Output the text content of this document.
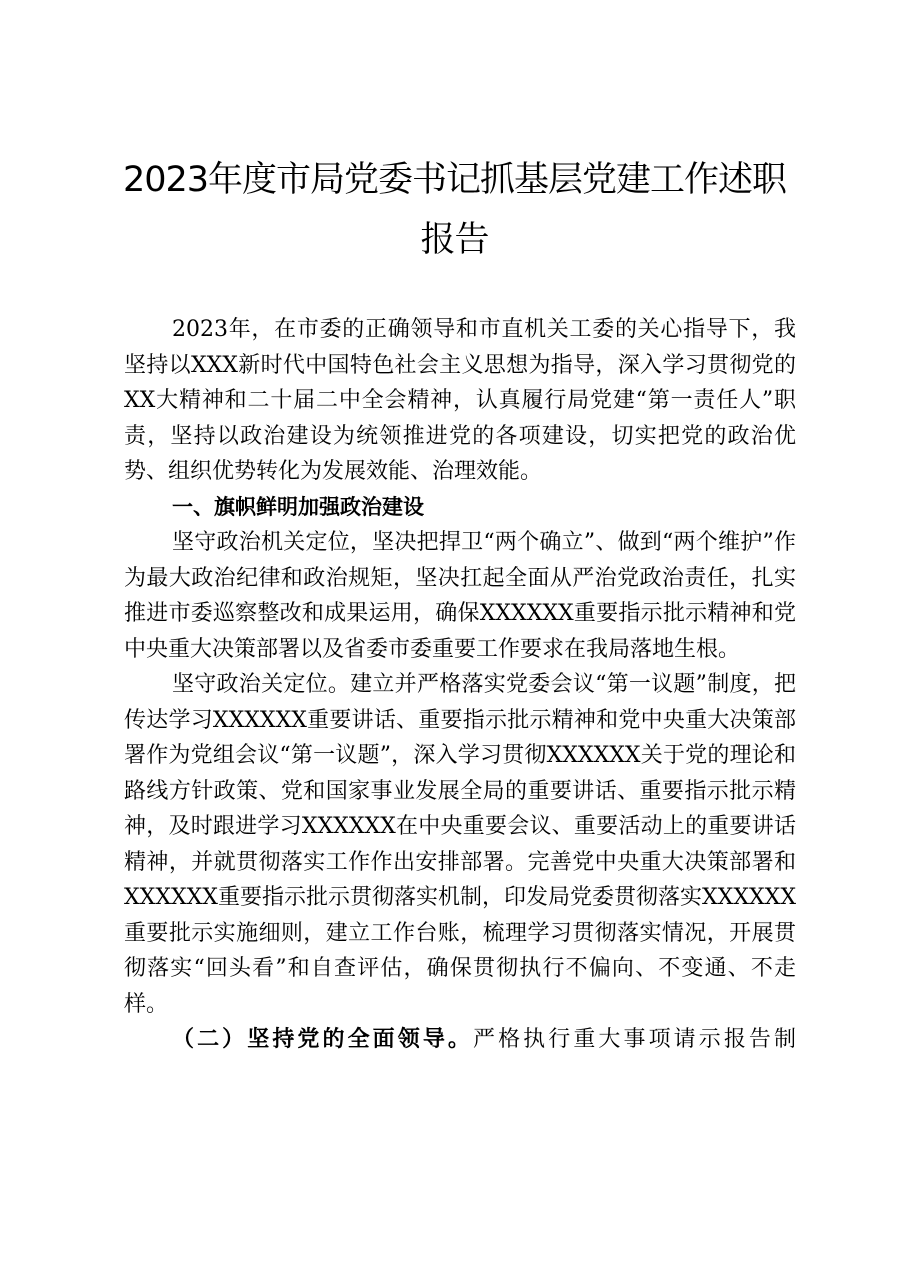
2023年度市局党委书记抓基层党建工作述职报告

2023年，在市委的正确领导和市直机关工委的关心指导下，我坚持以XXX新时代中国特色社会主义思想为指导，深入学习贯彻党的XX大精神和二十届二中全会精神，认真履行局党建“第一责任人”职责，坚持以政治建设为统领推进党的各项建设，切实把党的政治优势、组织优势转化为发展效能、治理效能。

一、旗帜鲜明加强政治建设

坚守政治机关定位，坚决把捍卫“两个确立”、做到“两个维护”作为最大政治纪律和政治规矩，坚决扛起全面从严治党政治责任，扎实推进市委巡察整改和成果运用，确保XXXXXX重要指示批示精神和党中央重大决策部署以及省委市委重要工作要求在我局落地生根。

坚守政治关定位。建立并严格落实党委会议“第一议题”制度，把传达学习XXXXXX重要讲话、重要指示批示精神和党中央重大决策部署作为党组会议“第一议题”，深入学习贯彻XXXXXX关于党的理论和路线方针政策、党和国家事业发展全局的重要讲话、重要指示批示精神，及时跟进学习XXXXXX在中央重要会议、重要活动上的重要讲话精神，并就贯彻落实工作作出安排部署。完善党中央重大决策部署和XXXXXX重要指示批示贯彻落实机制，印发局党委贯彻落实XXXXXX重要批示实施细则，建立工作台账，梳理学习贯彻落实情况，开展贯彻落实“回头看”和自查评估，确保贯彻执行不偏向、不变通、不走样。

（二）坚持党的全面领导。严格执行重大事项请示报告制
